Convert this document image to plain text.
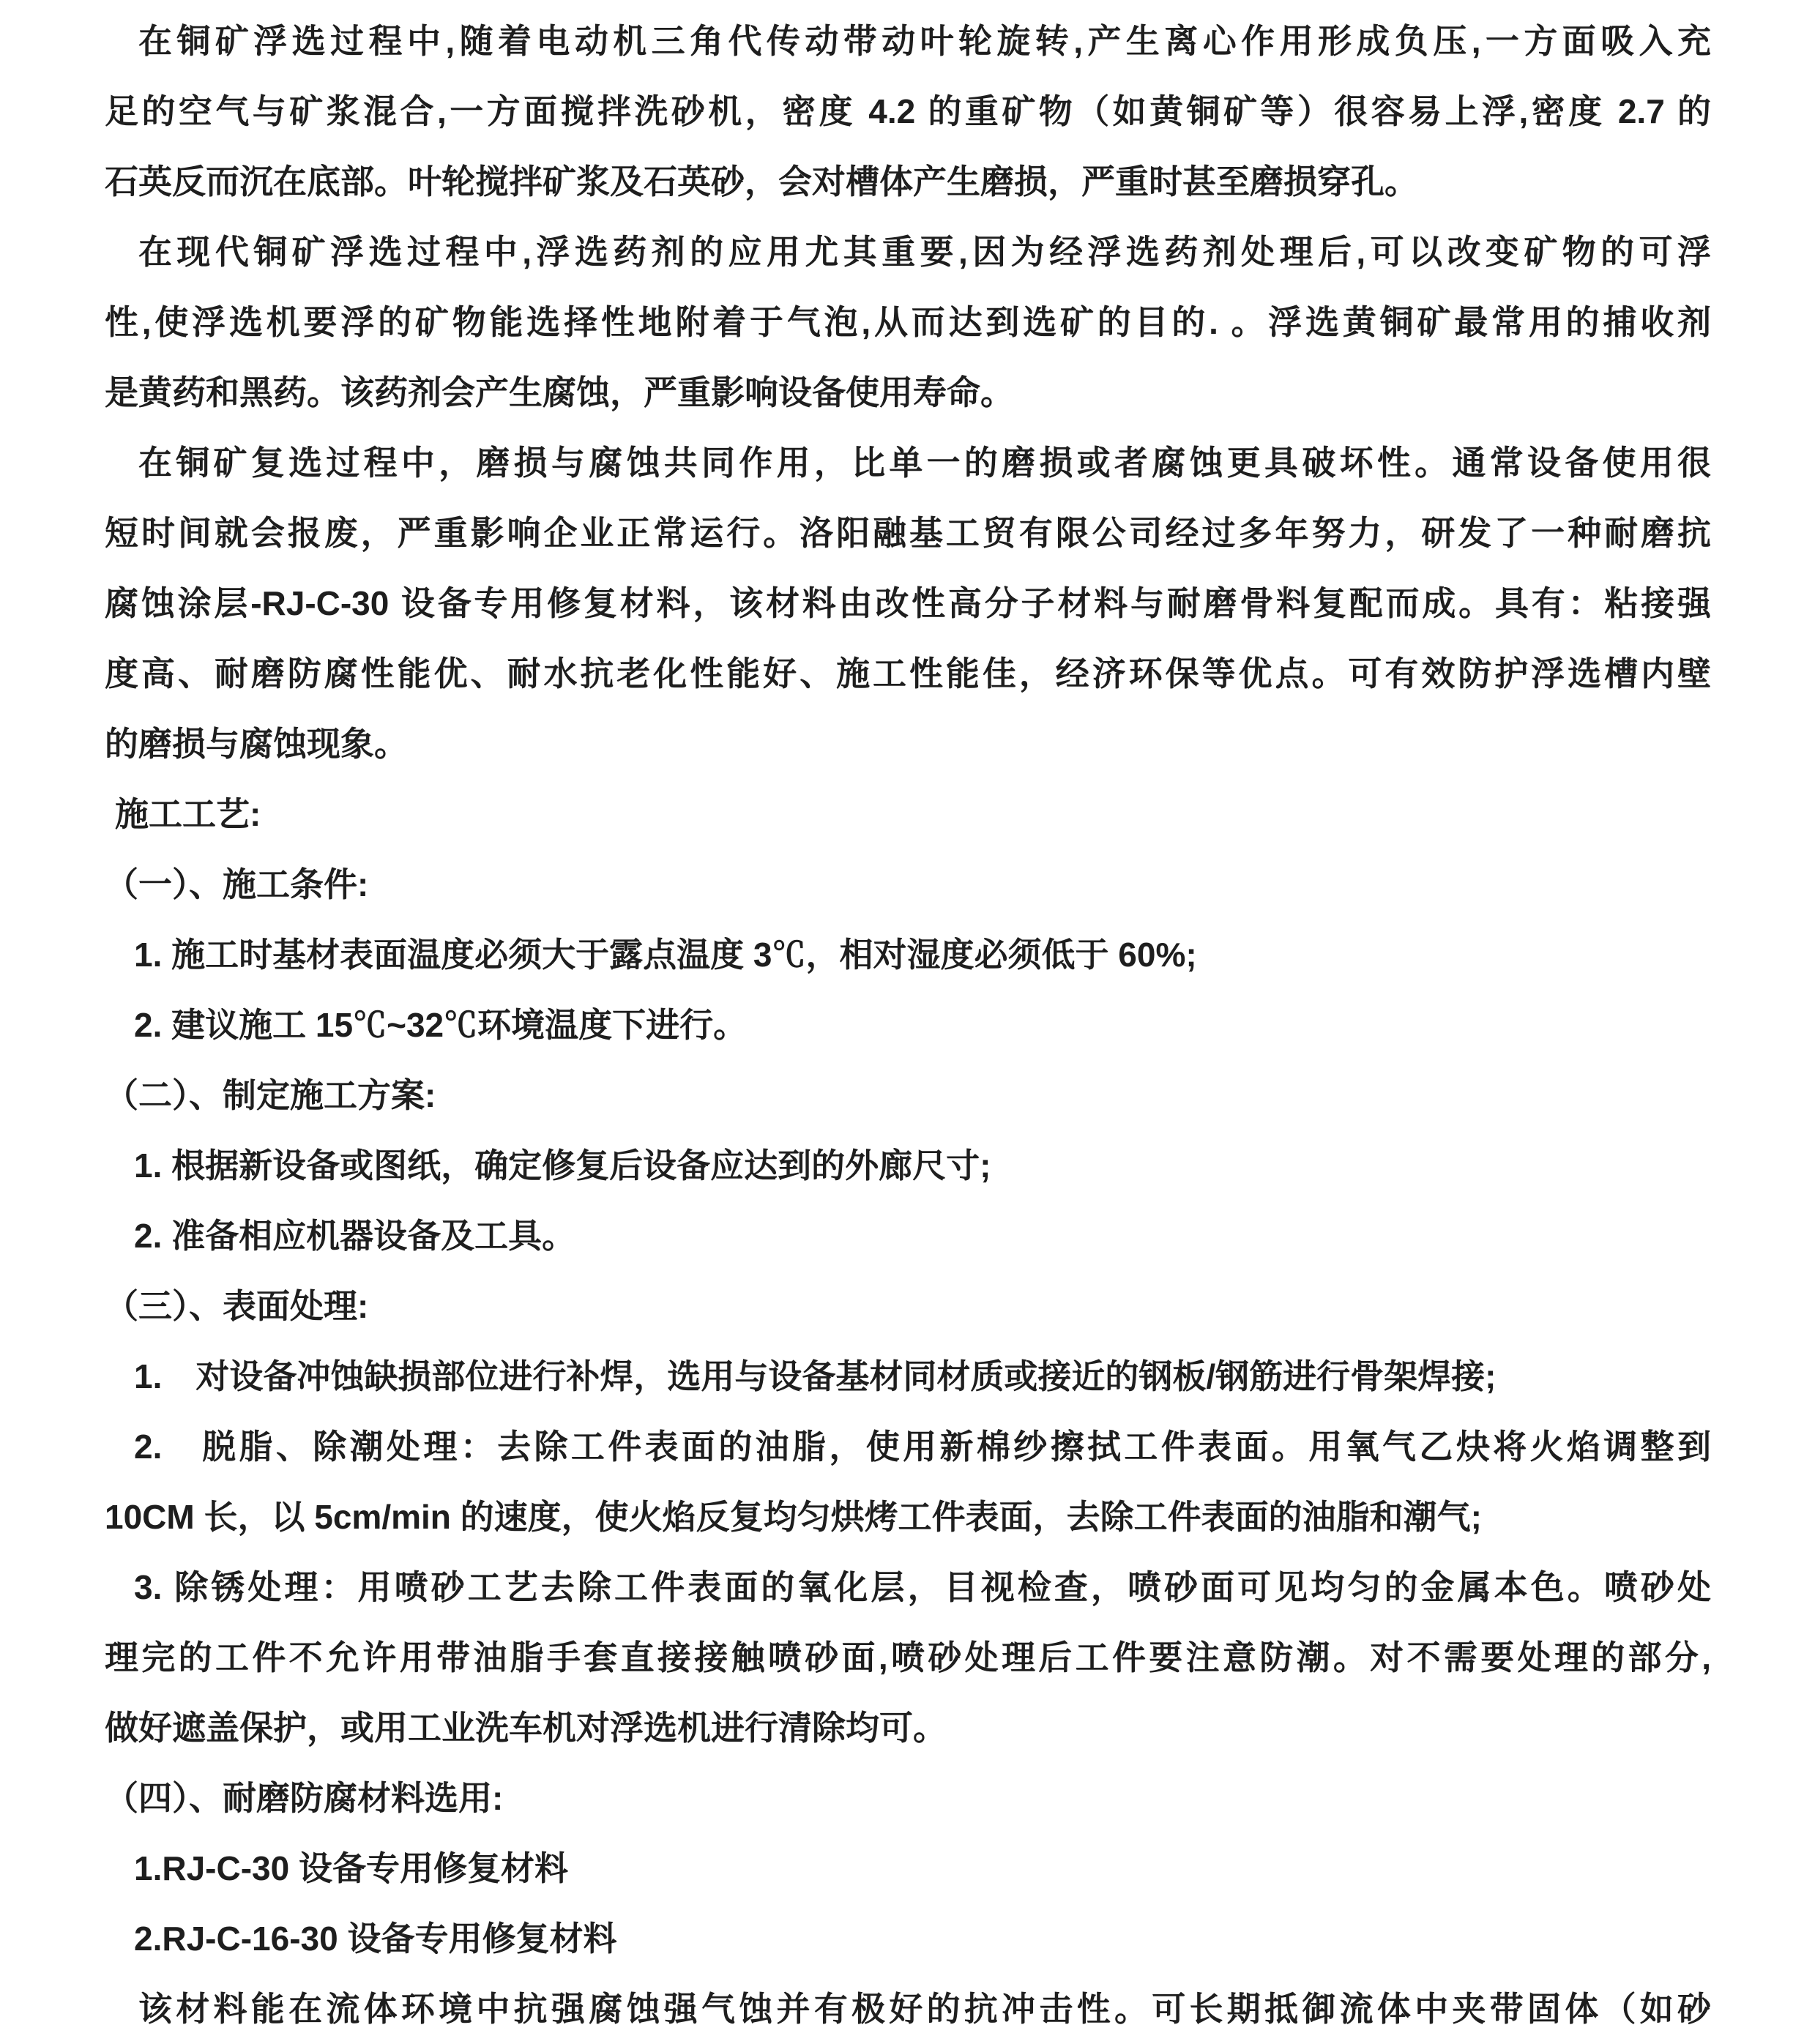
在铜矿浮选过程中,随着电动机三角代传动带动叶轮旋转,产生离心作用形成负压,一方面吸入充
足的空气与矿浆混合,一方面搅拌洗砂机，密度 4.2 的重矿物（如黄铜矿等）很容易上浮,密度 2.7 的
石英反而沉在底部。叶轮搅拌矿浆及石英砂，会对槽体产生磨损，严重时甚至磨损穿孔。
在现代铜矿浮选过程中,浮选药剂的应用尤其重要,因为经浮选药剂处理后,可以改变矿物的可浮
性,使浮选机要浮的矿物能选择性地附着于气泡,从而达到选矿的目的. 。浮选黄铜矿最常用的捕收剂
是黄药和黑药。该药剂会产生腐蚀，严重影响设备使用寿命。
在铜矿复选过程中，磨损与腐蚀共同作用，比单一的磨损或者腐蚀更具破坏性。通常设备使用很
短时间就会报废，严重影响企业正常运行。洛阳融基工贸有限公司经过多年努力，研发了一种耐磨抗
腐蚀涂层-RJ-C-30 设备专用修复材料，该材料由改性高分子材料与耐磨骨料复配而成。具有：粘接强
度高、耐磨防腐性能优、耐水抗老化性能好、施工性能佳，经济环保等优点。可有效防护浮选槽内壁
的磨损与腐蚀现象。
施工工艺:
（一）、施工条件:
1. 施工时基材表面温度必须大于露点温度 3℃，相对湿度必须低于 60%;
2. 建议施工 15℃~32℃环境温度下进行。
（二）、制定施工方案:
1. 根据新设备或图纸，确定修复后设备应达到的外廊尺寸;
2. 准备相应机器设备及工具。
（三）、表面处理:
1.　对设备冲蚀缺损部位进行补焊，选用与设备基材同材质或接近的钢板/钢筋进行骨架焊接;
2.　脱脂、除潮处理：去除工件表面的油脂，使用新棉纱擦拭工件表面。用氧气乙炔将火焰调整到
10CM 长，以 5cm/min 的速度，使火焰反复均匀烘烤工件表面，去除工件表面的油脂和潮气;
3. 除锈处理：用喷砂工艺去除工件表面的氧化层，目视检查，喷砂面可见均匀的金属本色。喷砂处
理完的工件不允许用带油脂手套直接接触喷砂面,喷砂处理后工件要注意防潮。对不需要处理的部分,
做好遮盖保护，或用工业洗车机对浮选机进行清除均可。
（四）、耐磨防腐材料选用:
1.RJ-C-30 设备专用修复材料
2.RJ-C-16-30 设备专用修复材料
该材料能在流体环境中抗强腐蚀强气蚀并有极好的抗冲击性。可长期抵御流体中夹带固体（如砂
